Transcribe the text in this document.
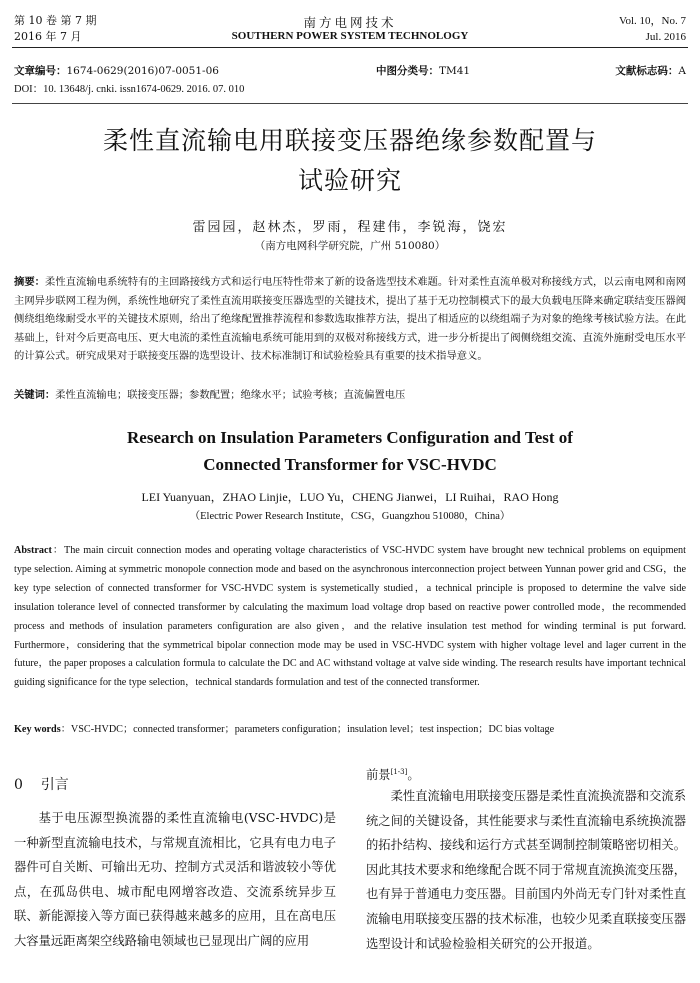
第 10 卷 第 7 期
2016 年 7 月
南方电网技术
SOUTHERN POWER SYSTEM TECHNOLOGY
Vol. 10，No. 7
Jul. 2016
文章编号：1674-0629(2016)07-0051-06	中图分类号：TM41	文献标志码：A
DOI：10. 13648/j. cnki. issn1674-0629. 2016. 07. 010
柔性直流输电用联接变压器绝缘参数配置与
试验研究
雷园园，赵林杰，罗雨，程建伟，李锐海，饶宏
（南方电网科学研究院，广州 510080）
摘要：柔性直流输电系统特有的主回路接线方式和运行电压特性带来了新的设备选型技术难题。针对柔性直流单极对称接线方式，以云南电网和南网主网异步联网工程为例，系统性地研究了柔性直流用联接变压器选型的关键技术，提出了基于无功控制模式下的最大负载电压降来确定联结变压器阀侧绕组绝缘耐受水平的关键技术原则，给出了绝缘配置推荐流程和参数选取推荐方法，提出了相适应的以绕组端子为对象的绝缘考核试验方法。在此基础上，针对今后更高电压、更大电流的柔性直流输电系统可能用到的双极对称接线方式，进一步分析提出了阀侧绕组交流、直流外施耐受电压水平的计算公式。研究成果对于联接变压器的选型设计、技术标准制订和试验检验具有重要的技术指导意义。
关键词：柔性直流输电；联接变压器；参数配置；绝缘水平；试验考核；直流偏置电压
Research on Insulation Parameters Configuration and Test of
Connected Transformer for VSC-HVDC
LEI Yuanyuan，ZHAO Linjie，LUO Yu，CHENG Jianwei，LI Ruihai，RAO Hong
（Electric Power Research Institute，CSG，Guangzhou 510080，China）
Abstract：The main circuit connection modes and operating voltage characteristics of VSC-HVDC system have brought new technical problems on equipment type selection. Aiming at symmetric monopole connection mode and based on the asynchronous interconnection project between Yunnan power grid and CSG，the key type selection of connected transformer for VSC-HVDC system is systemetically studied，a technical principle is proposed to determine the valve side insulation tolerance level of connected transformer by calculating the maximum load voltage drop based on reactive power controlled mode，the recommended process and methods of insulation parameters configuration are also given，and the relative insulation test method for winding terminal is put forward. Furthermore，considering that the symmetrical bipolar connection mode may be used in VSC-HVDC system with higher voltage level and lager current in the future，the paper proposes a calculation formula to calculate the DC and AC withstand voltage at valve side winding. The research results have important technical guiding significance for the type selection，technical standards formulation and test of the connected transformer.
Key words：VSC-HVDC；connected transformer；parameters configuration；insulation level；test inspection；DC bias voltage
0 引言
基于电压源型换流器的柔性直流输电(VSC-HVDC)是一种新型直流输电技术，与常规直流相比，它具有电力电子器件可自关断、可输出无功、控制方式灵活和谐波较小等优点，在孤岛供电、城市配电网增容改造、交流系统异步互联、新能源接入等方面已获得越来越多的应用，且在高电压大容量远距离架空线路输电领域也已显现出广阔的应用
前景[1-3]。
柔性直流输电用联接变压器是柔性直流换流器和交流系统之间的关键设备，其性能要求与柔性直流输电系统换流器的拓扑结构、接线和运行方式甚至调制控制策略密切相关。因此其技术要求和绝缘配合既不同于常规直流换流变压器，也有异于普通电力变压器。目前国内外尚无专门针对柔性直流输电用联接变压器的技术标准，也较少见柔直联接变压器选型设计和试验检验相关研究的公开报道。
